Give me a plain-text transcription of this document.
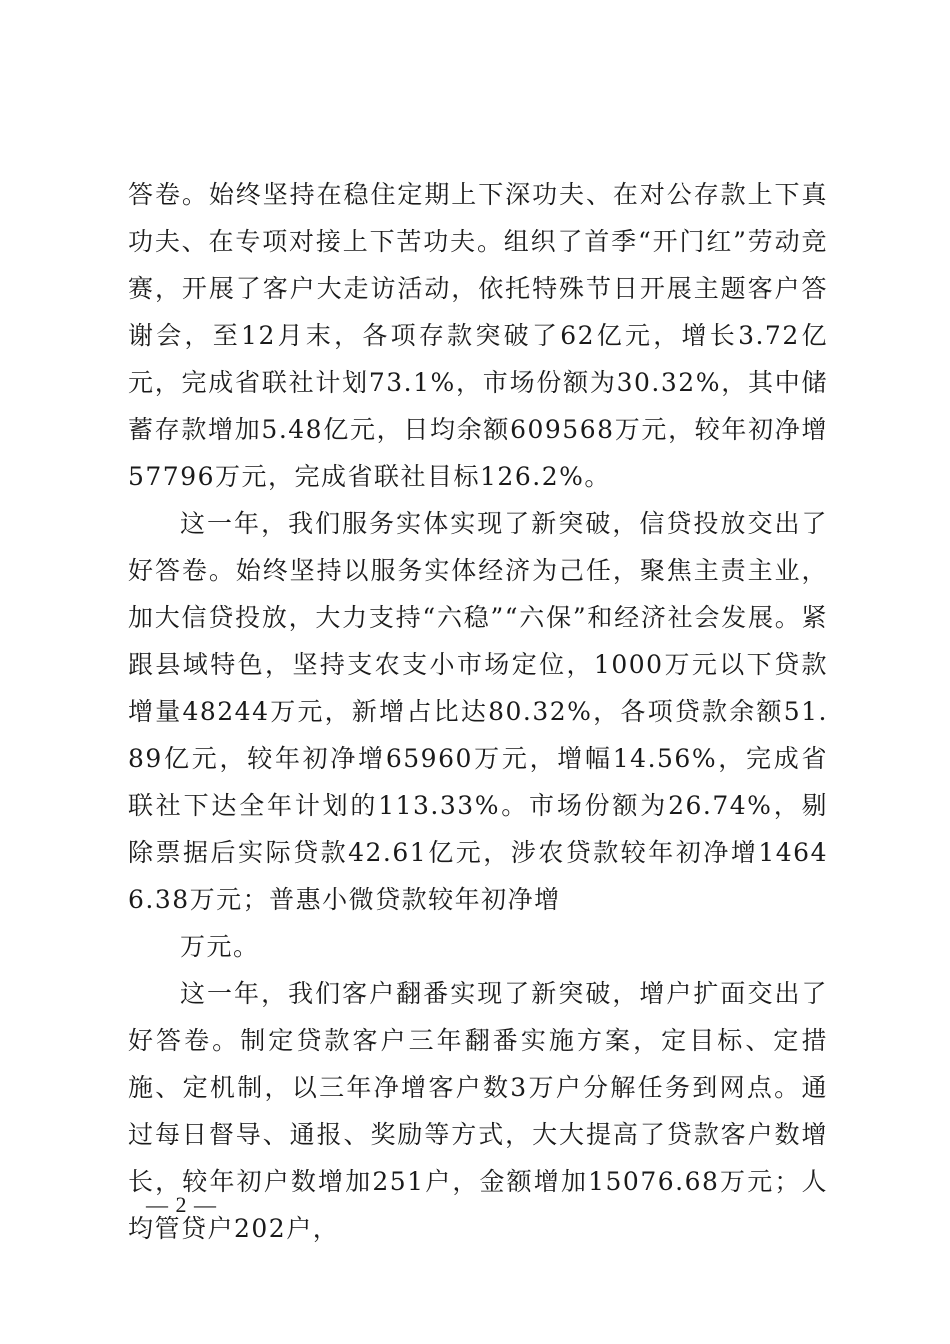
答卷。始终坚持在稳住定期上下深功夫、在对公存款上下真功夫、在专项对接上下苦功夫。组织了首季“开门红”劳动竞赛，开展了客户大走访活动，依托特殊节日开展主题客户答谢会，至12月末，各项存款突破了62亿元，增长3.72亿元，完成省联社计划73.1%，市场份额为30.32%，其中储蓄存款增加5.48亿元，日均余额609568万元，较年初净增57796万元，完成省联社目标126.2%。

这一年，我们服务实体实现了新突破，信贷投放交出了好答卷。始终坚持以服务实体经济为己任，聚焦主责主业，加大信贷投放，大力支持“六稳”“六保”和经济社会发展。紧跟县域特色，坚持支农支小市场定位，1000万元以下贷款增量48244万元，新增占比达80.32%，各项贷款余额51.89亿元，较年初净增65960万元，增幅14.56%，完成省联社下达全年计划的113.33%。市场份额为26.74%，剔除票据后实际贷款42.61亿元，涉农贷款较年初净增14646.38万元；普惠小微贷款较年初净增

万元。

这一年，我们客户翻番实现了新突破，增户扩面交出了好答卷。制定贷款客户三年翻番实施方案，定目标、定措施、定机制，以三年净增客户数3万户分解任务到网点。通过每日督导、通报、奖励等方式，大大提高了贷款客户数增长，较年初户数增加251户，金额增加15076.68万元；人均管贷户202户，

— 2 —
